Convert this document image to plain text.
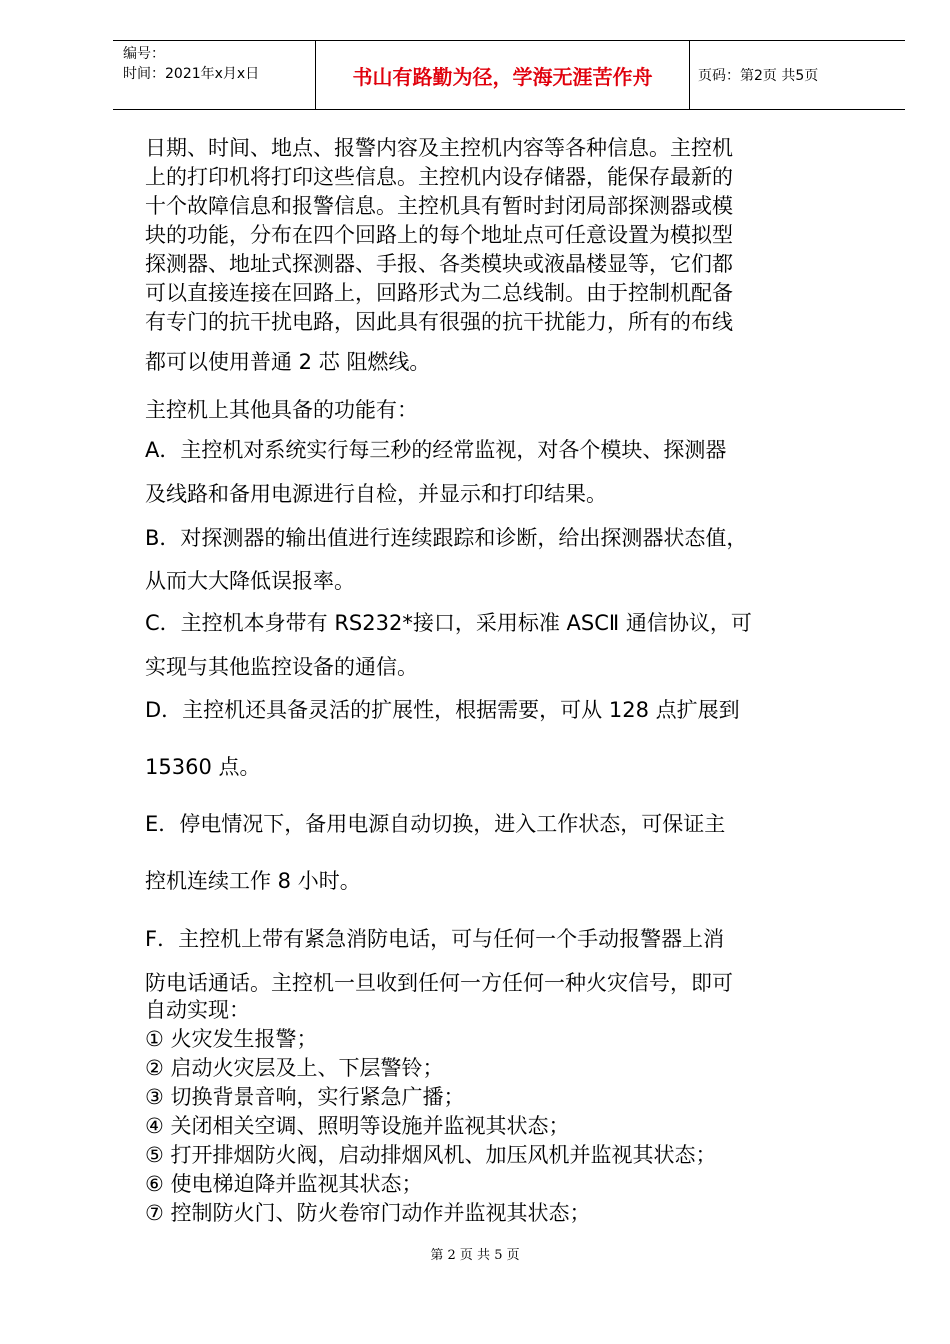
编号：
时间：2021年x月x日	书山有路勤为径，学海无涯苦作舟	页码：第2页 共5页
日期、时间、地点、报警内容及主控机内容等各种信息。主控机
上的打印机将打印这些信息。主控机内设存储器，能保存最新的
十个故障信息和报警信息。主控机具有暂时封闭局部探测器或模
块的功能，分布在四个回路上的每个地址点可任意设置为模拟型
探测器、地址式探测器、手报、各类模块或液晶楼显等，它们都
可以直接连接在回路上，回路形式为二总线制。由于控制机配备
有专门的抗干扰电路，因此具有很强的抗干扰能力，所有的布线
都可以使用普通 2 芯 阻燃线。
主控机上其他具备的功能有：
A．主控机对系统实行每三秒的经常监视，对各个模块、探测器
及线路和备用电源进行自检，并显示和打印结果。
B．对探测器的输出值进行连续跟踪和诊断，给出探测器状态值，
从而大大降低误报率。
C．主控机本身带有 RS232*接口，采用标准 ASCⅡ 通信协议，可
实现与其他监控设备的通信。
D．主控机还具备灵活的扩展性，根据需要，可从 128 点扩展到
15360 点。
E．停电情况下，备用电源自动切换，进入工作状态，可保证主
控机连续工作 8 小时。
F．主控机上带有紧急消防电话，可与任何一个手动报警器上消
防电话通话。主控机一旦收到任何一方任何一种火灾信号，即可
自动实现：
① 火灾发生报警；
② 启动火灾层及上、下层警铃；
③ 切换背景音响，实行紧急广播；
④ 关闭相关空调、照明等设施并监视其状态；
⑤ 打开排烟防火阀，启动排烟风机、加压风机并监视其状态；
⑥ 使电梯迫降并监视其状态；
⑦ 控制防火门、防火卷帘门动作并监视其状态；
第 2 页 共 5 页
